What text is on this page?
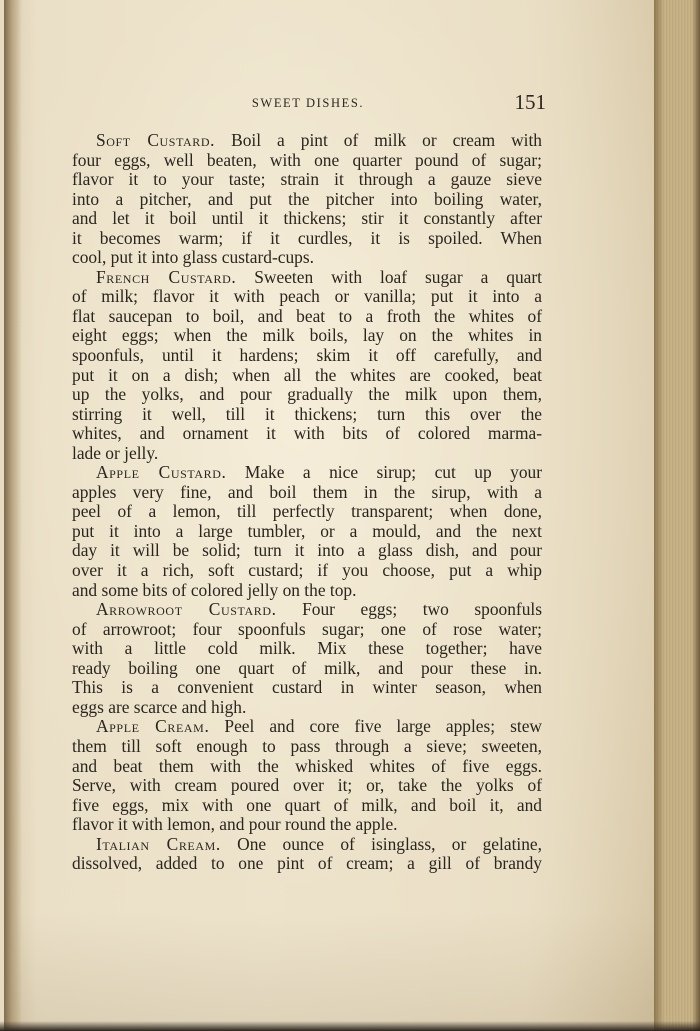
SWEET DISHES.	151
Soft Custard. Boil a pint of milk or cream with
four eggs, well beaten, with one quarter pound of sugar;
flavor it to your taste; strain it through a gauze sieve
into a pitcher, and put the pitcher into boiling water,
and let it boil until it thickens; stir it constantly after
it becomes warm; if it curdles, it is spoiled. When
cool, put it into glass custard-cups.
French Custard. Sweeten with loaf sugar a quart
of milk; flavor it with peach or vanilla; put it into a
flat saucepan to boil, and beat to a froth the whites of
eight eggs; when the milk boils, lay on the whites in
spoonfuls, until it hardens; skim it off carefully, and
put it on a dish; when all the whites are cooked, beat
up the yolks, and pour gradually the milk upon them,
stirring it well, till it thickens; turn this over the
whites, and ornament it with bits of colored marma-
lade or jelly.
Apple Custard. Make a nice sirup; cut up your
apples very fine, and boil them in the sirup, with a
peel of a lemon, till perfectly transparent; when done,
put it into a large tumbler, or a mould, and the next
day it will be solid; turn it into a glass dish, and pour
over it a rich, soft custard; if you choose, put a whip
and some bits of colored jelly on the top.
Arrowroot Custard. Four eggs; two spoonfuls
of arrowroot; four spoonfuls sugar; one of rose water;
with a little cold milk. Mix these together; have
ready boiling one quart of milk, and pour these in.
This is a convenient custard in winter season, when
eggs are scarce and high.
Apple Cream. Peel and core five large apples; stew
them till soft enough to pass through a sieve; sweeten,
and beat them with the whisked whites of five eggs.
Serve, with cream poured over it; or, take the yolks of
five eggs, mix with one quart of milk, and boil it, and
flavor it with lemon, and pour round the apple.
Italian Cream. One ounce of isinglass, or gelatine,
dissolved, added to one pint of cream; a gill of brandy
